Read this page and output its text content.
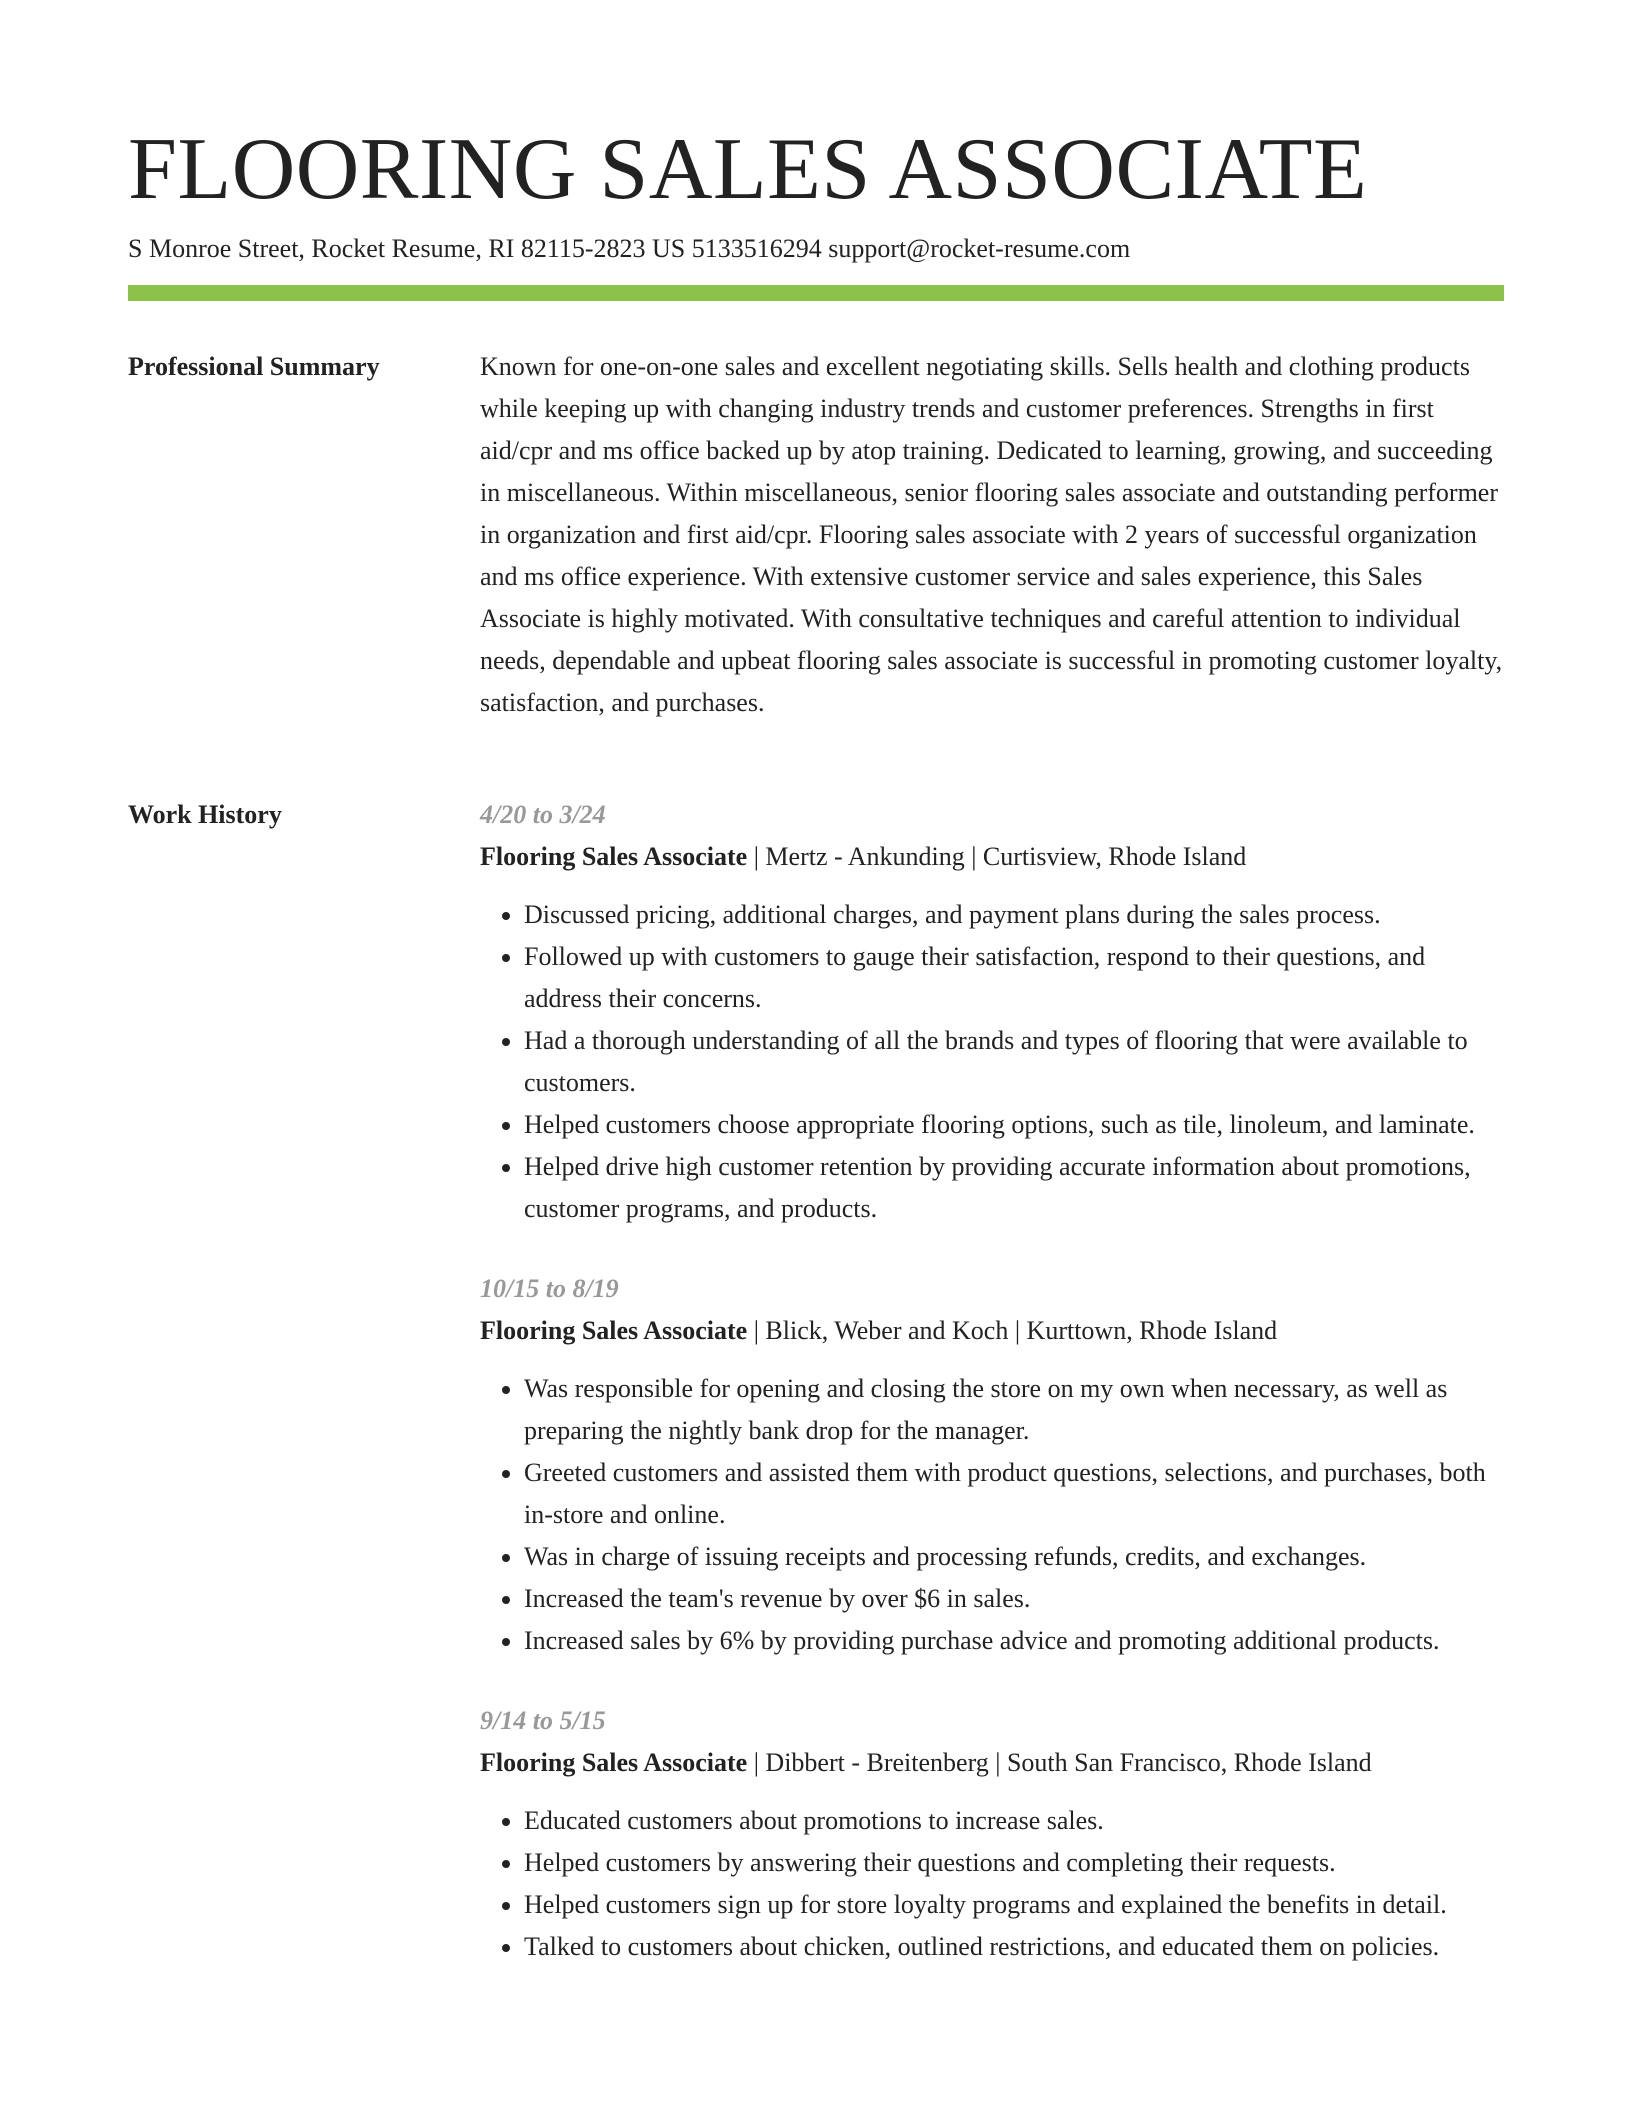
FLOORING SALES ASSOCIATE
S Monroe Street, Rocket Resume, RI 82115-2823 US 5133516294 support@rocket-resume.com
Professional Summary	Known for one-on-one sales and excellent negotiating skills. Sells health and clothing products while keeping up with changing industry trends and customer preferences. Strengths in first aid/cpr and ms office backed up by atop training. Dedicated to learning, growing, and succeeding in miscellaneous. Within miscellaneous, senior flooring sales associate and outstanding performer in organization and first aid/cpr. Flooring sales associate with 2 years of successful organization and ms office experience. With extensive customer service and sales experience, this Sales Associate is highly motivated. With consultative techniques and careful attention to individual needs, dependable and upbeat flooring sales associate is successful in promoting customer loyalty, satisfaction, and purchases.

Work History	4/20 to 3/24
Flooring Sales Associate | Mertz - Ankunding | Curtisview, Rhode Island
• Discussed pricing, additional charges, and payment plans during the sales process.
• Followed up with customers to gauge their satisfaction, respond to their questions, and address their concerns.
• Had a thorough understanding of all the brands and types of flooring that were available to customers.
• Helped customers choose appropriate flooring options, such as tile, linoleum, and laminate.
• Helped drive high customer retention by providing accurate information about promotions, customer programs, and products.
10/15 to 8/19
Flooring Sales Associate | Blick, Weber and Koch | Kurttown, Rhode Island
• Was responsible for opening and closing the store on my own when necessary, as well as preparing the nightly bank drop for the manager.
• Greeted customers and assisted them with product questions, selections, and purchases, both in-store and online.
• Was in charge of issuing receipts and processing refunds, credits, and exchanges.
• Increased the team's revenue by over $6 in sales.
• Increased sales by 6% by providing purchase advice and promoting additional products.
9/14 to 5/15
Flooring Sales Associate | Dibbert - Breitenberg | South San Francisco, Rhode Island
• Educated customers about promotions to increase sales.
• Helped customers by answering their questions and completing their requests.
• Helped customers sign up for store loyalty programs and explained the benefits in detail.
• Talked to customers about chicken, outlined restrictions, and educated them on policies.
